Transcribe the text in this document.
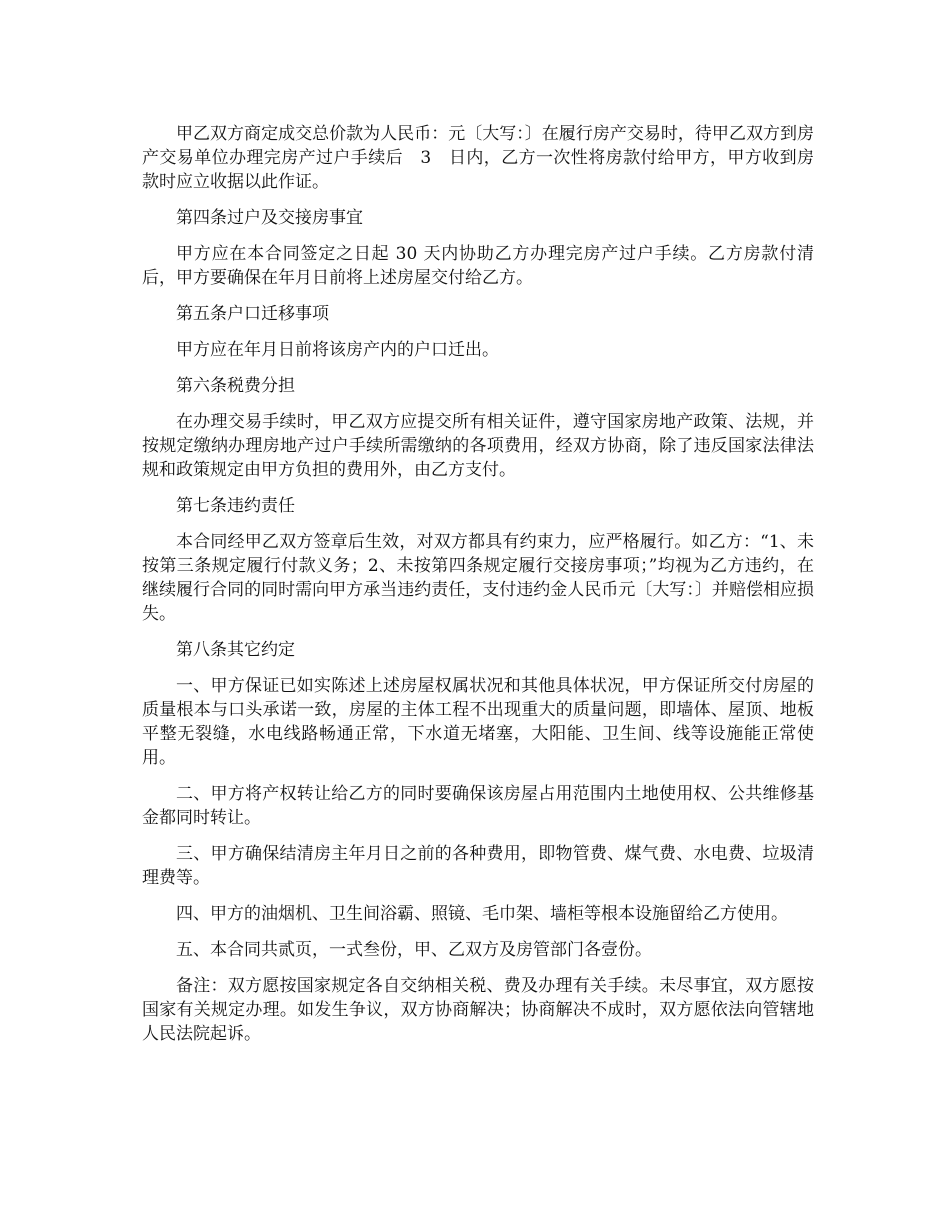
甲乙双方商定成交总价款为人民币：元〔大写：〕在履行房产交易时，待甲乙双方到房产交易单位办理完房产过户手续后　3　日内，乙方一次性将房款付给甲方，甲方收到房款时应立收据以此作证。

第四条过户及交接房事宜

甲方应在本合同签定之日起 30 天内协助乙方办理完房产过户手续。乙方房款付清后，甲方要确保在年月日前将上述房屋交付给乙方。

第五条户口迁移事项

甲方应在年月日前将该房产内的户口迁出。

第六条税费分担

在办理交易手续时，甲乙双方应提交所有相关证件，遵守国家房地产政策、法规，并按规定缴纳办理房地产过户手续所需缴纳的各项费用，经双方协商，除了违反国家法律法规和政策规定由甲方负担的费用外，由乙方支付。

第七条违约责任

本合同经甲乙双方签章后生效，对双方都具有约束力，应严格履行。如乙方：“1、未按第三条规定履行付款义务；2、未按第四条规定履行交接房事项；”均视为乙方违约，在继续履行合同的同时需向甲方承当违约责任，支付违约金人民币元〔大写：〕并赔偿相应损失。

第八条其它约定

一、甲方保证已如实陈述上述房屋权属状况和其他具体状况，甲方保证所交付房屋的质量根本与口头承诺一致，房屋的主体工程不出现重大的质量问题，即墙体、屋顶、地板平整无裂缝，水电线路畅通正常，下水道无堵塞，大阳能、卫生间、线等设施能正常使用。

二、甲方将产权转让给乙方的同时要确保该房屋占用范围内土地使用权、公共维修基金都同时转让。

三、甲方确保结清房主年月日之前的各种费用，即物管费、煤气费、水电费、垃圾清理费等。

四、甲方的油烟机、卫生间浴霸、照镜、毛巾架、墙柜等根本设施留给乙方使用。

五、本合同共贰页，一式叁份，甲、乙双方及房管部门各壹份。

备注：双方愿按国家规定各自交纳相关税、费及办理有关手续。未尽事宜，双方愿按国家有关规定办理。如发生争议，双方协商解决；协商解决不成时，双方愿依法向管辖地人民法院起诉。
